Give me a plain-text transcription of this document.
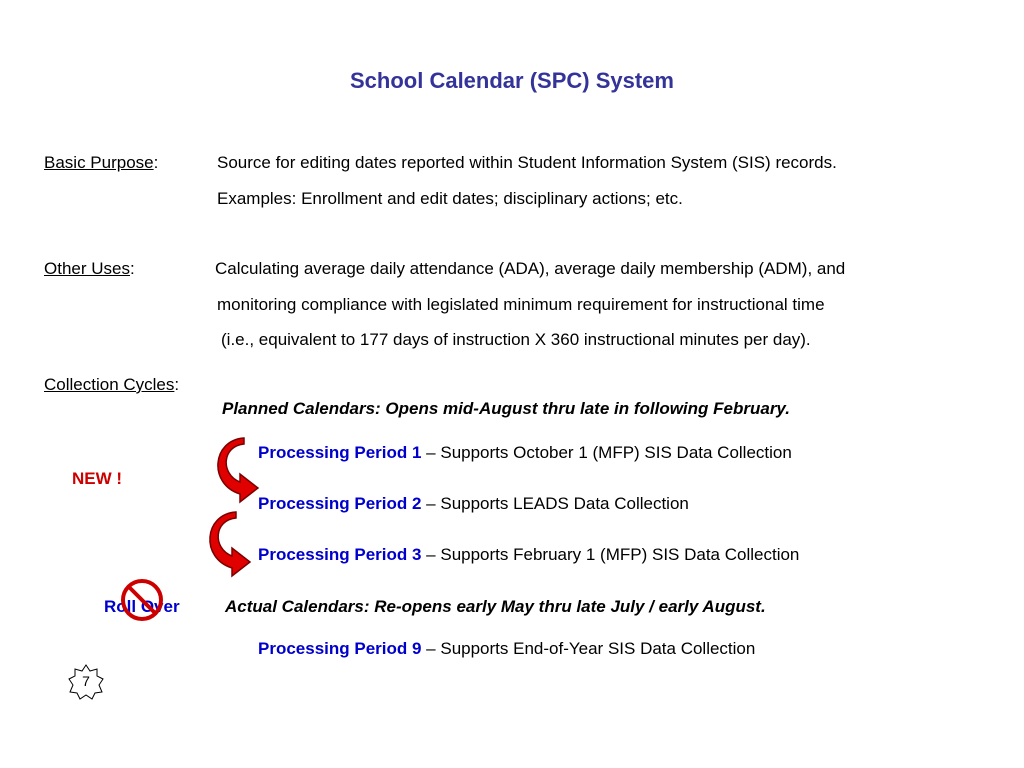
School Calendar (SPC) System
Basic Purpose:	Source for editing dates reported within Student Information System (SIS) records.
Examples: Enrollment and edit dates; disciplinary actions; etc.
Other Uses:	Calculating average daily attendance (ADA), average daily membership (ADM), and
monitoring compliance with legislated minimum requirement for instructional time
(i.e., equivalent to 177 days of instruction X 360 instructional minutes per day).
Collection Cycles:
Planned Calendars: Opens mid-August thru late in following February.
NEW !
Processing Period 1 – Supports October 1 (MFP) SIS Data Collection
Processing Period 2 – Supports LEADS Data Collection
Processing Period 3 – Supports February 1 (MFP) SIS Data Collection
Roll Over	Actual Calendars: Re-opens early May thru late July / early August.
Processing Period 9 – Supports End-of-Year SIS Data Collection
7
